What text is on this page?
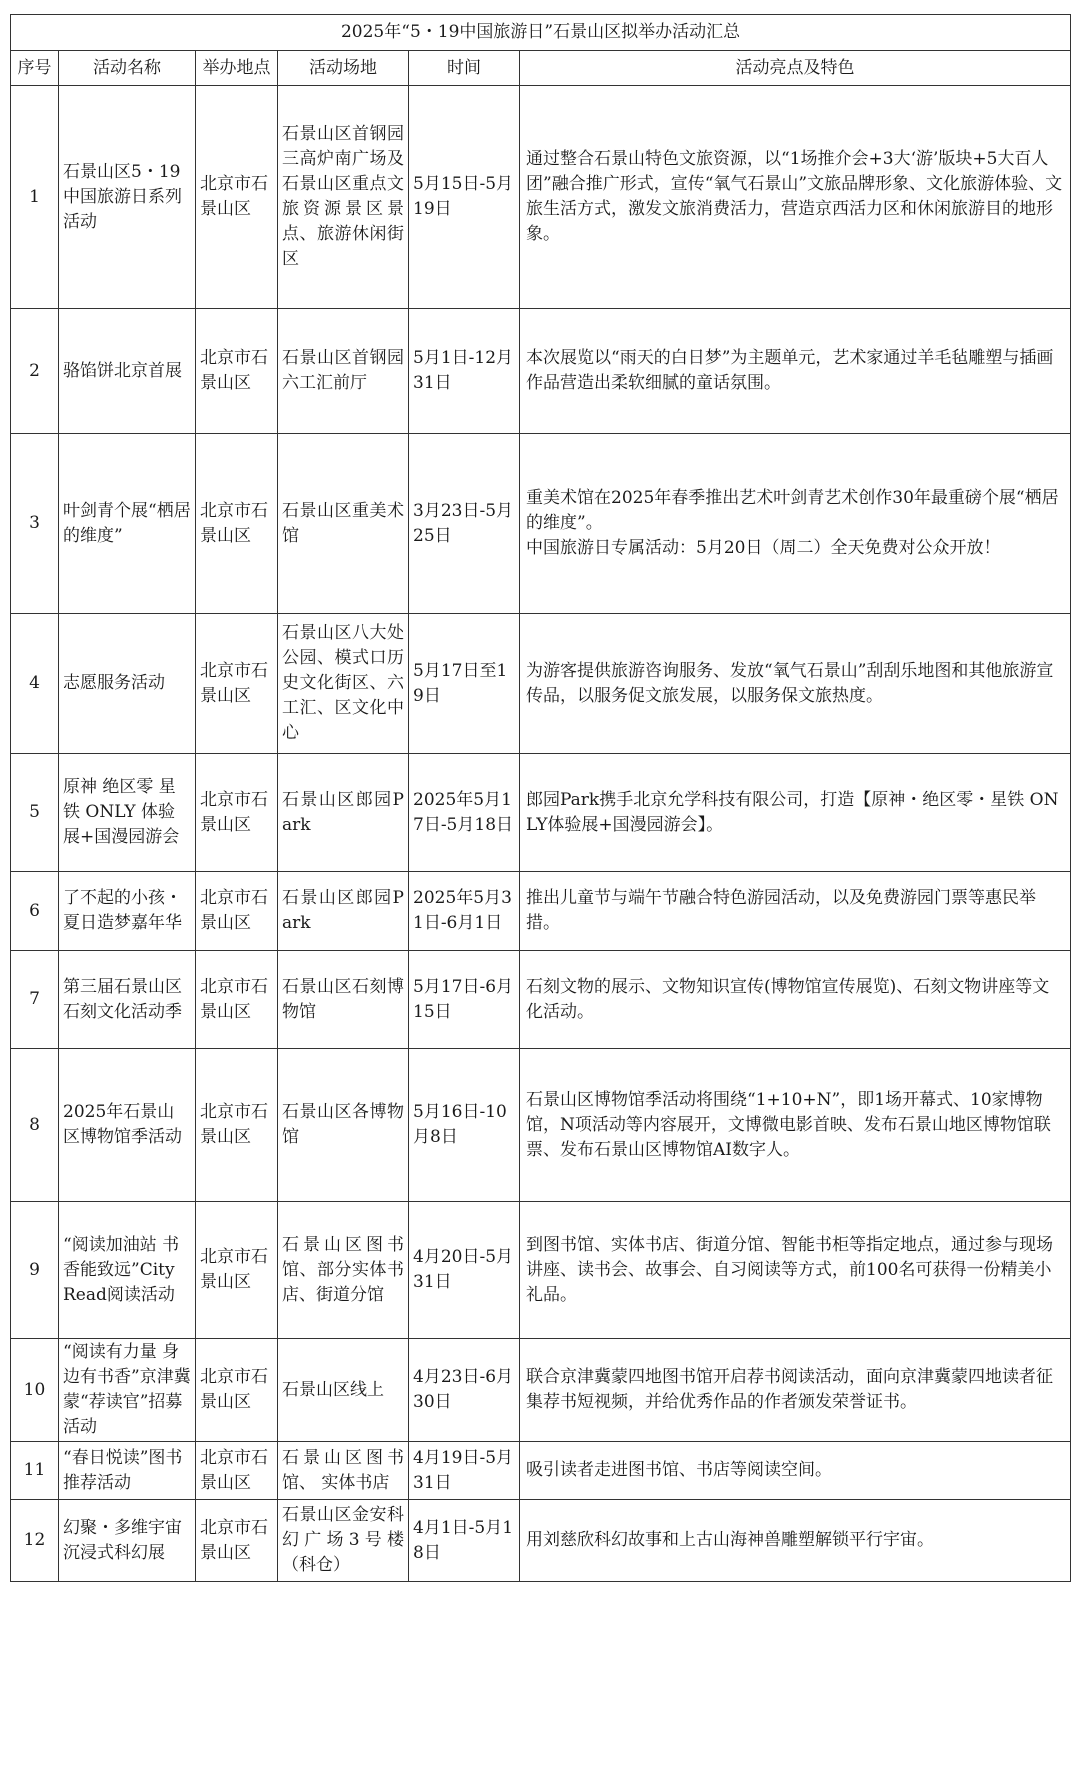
2025年“5・19中国旅游日”石景山区拟举办活动汇总					
序号	活动名称	举办地点	活动场地	时间	活动亮点及特色
1	石景山区5・19中国旅游日系列活动	北京市石景山区	石景山区首钢园三高炉南广场及石景山区重点文旅资源景区景点、旅游休闲街区	5月15日-5月19日	通过整合石景山特色文旅资源，以“1场推介会+3大‘游’版块+5大百人团”融合推广形式，宣传“氧气石景山”文旅品牌形象、文化旅游体验、文旅生活方式，激发文旅消费活力，营造京西活力区和休闲旅游目的地形象。
2	骆馅饼北京首展	北京市石景山区	石景山区首钢园六工汇前厅	5月1日-12月31日	本次展览以“雨天的白日梦”为主题单元，艺术家通过羊毛毡雕塑与插画作品营造出柔软细腻的童话氛围。
3	叶剑青个展“栖居的维度”	北京市石景山区	石景山区重美术馆	3月23日-5月25日	重美术馆在2025年春季推出艺术叶剑青艺术创作30年最重磅个展“栖居的维度”。
中国旅游日专属活动：5月20日（周二）全天免费对公众开放！
4	志愿服务活动	北京市石景山区	石景山区八大处公园、模式口历史文化街区、六工汇、区文化中心	5月17日至19日	为游客提供旅游咨询服务、发放“氧气石景山”刮刮乐地图和其他旅游宣传品，以服务促文旅发展，以服务保文旅热度。
5	原神 绝区零 星铁 ONLY 体验展+国漫园游会	北京市石景山区	石景山区郎园Park	2025年5月17日-5月18日	郎园Park携手北京允学科技有限公司，打造【原神・绝区零・星铁 ONLY体验展+国漫园游会】。
6	了不起的小孩・夏日造梦嘉年华	北京市石景山区	石景山区郎园Park	2025年5月31日-6月1日	推出儿童节与端午节融合特色游园活动，以及免费游园门票等惠民举措。
7	第三届石景山区石刻文化活动季	北京市石景山区	石景山区石刻博物馆	5月17日-6月15日	石刻文物的展示、文物知识宣传(博物馆宣传展览)、石刻文物讲座等文化活动。
8	2025年石景山区博物馆季活动	北京市石景山区	石景山区各博物馆	5月16日-10月8日	石景山区博物馆季活动将围绕“1+10+N”，即1场开幕式、10家博物馆，N项活动等内容展开，文博微电影首映、发布石景山地区博物馆联票、发布石景山区博物馆AI数字人。
9	“阅读加油站 书香能致远”City Read阅读活动	北京市石景山区	石景山区图书馆、部分实体书店、街道分馆	4月20日-5月31日	到图书馆、实体书店、街道分馆、智能书柜等指定地点，通过参与现场讲座、读书会、故事会、自习阅读等方式，前100名可获得一份精美小礼品。
10	“阅读有力量 身边有书香”京津冀蒙“荐读官”招募活动	北京市石景山区	石景山区线上	4月23日-6月30日	联合京津冀蒙四地图书馆开启荐书阅读活动，面向京津冀蒙四地读者征集荐书短视频，并给优秀作品的作者颁发荣誉证书。
11	“春日悦读”图书推荐活动	北京市石景山区	石景山区图书馆、 实体书店	4月19日-5月31日	吸引读者走进图书馆、书店等阅读空间。
12	幻聚・多维宇宙沉浸式科幻展	北京市石景山区	石景山区金安科幻广场3号楼（科仓）	4月1日-5月18日	用刘慈欣科幻故事和上古山海神兽雕塑解锁平行宇宙。
